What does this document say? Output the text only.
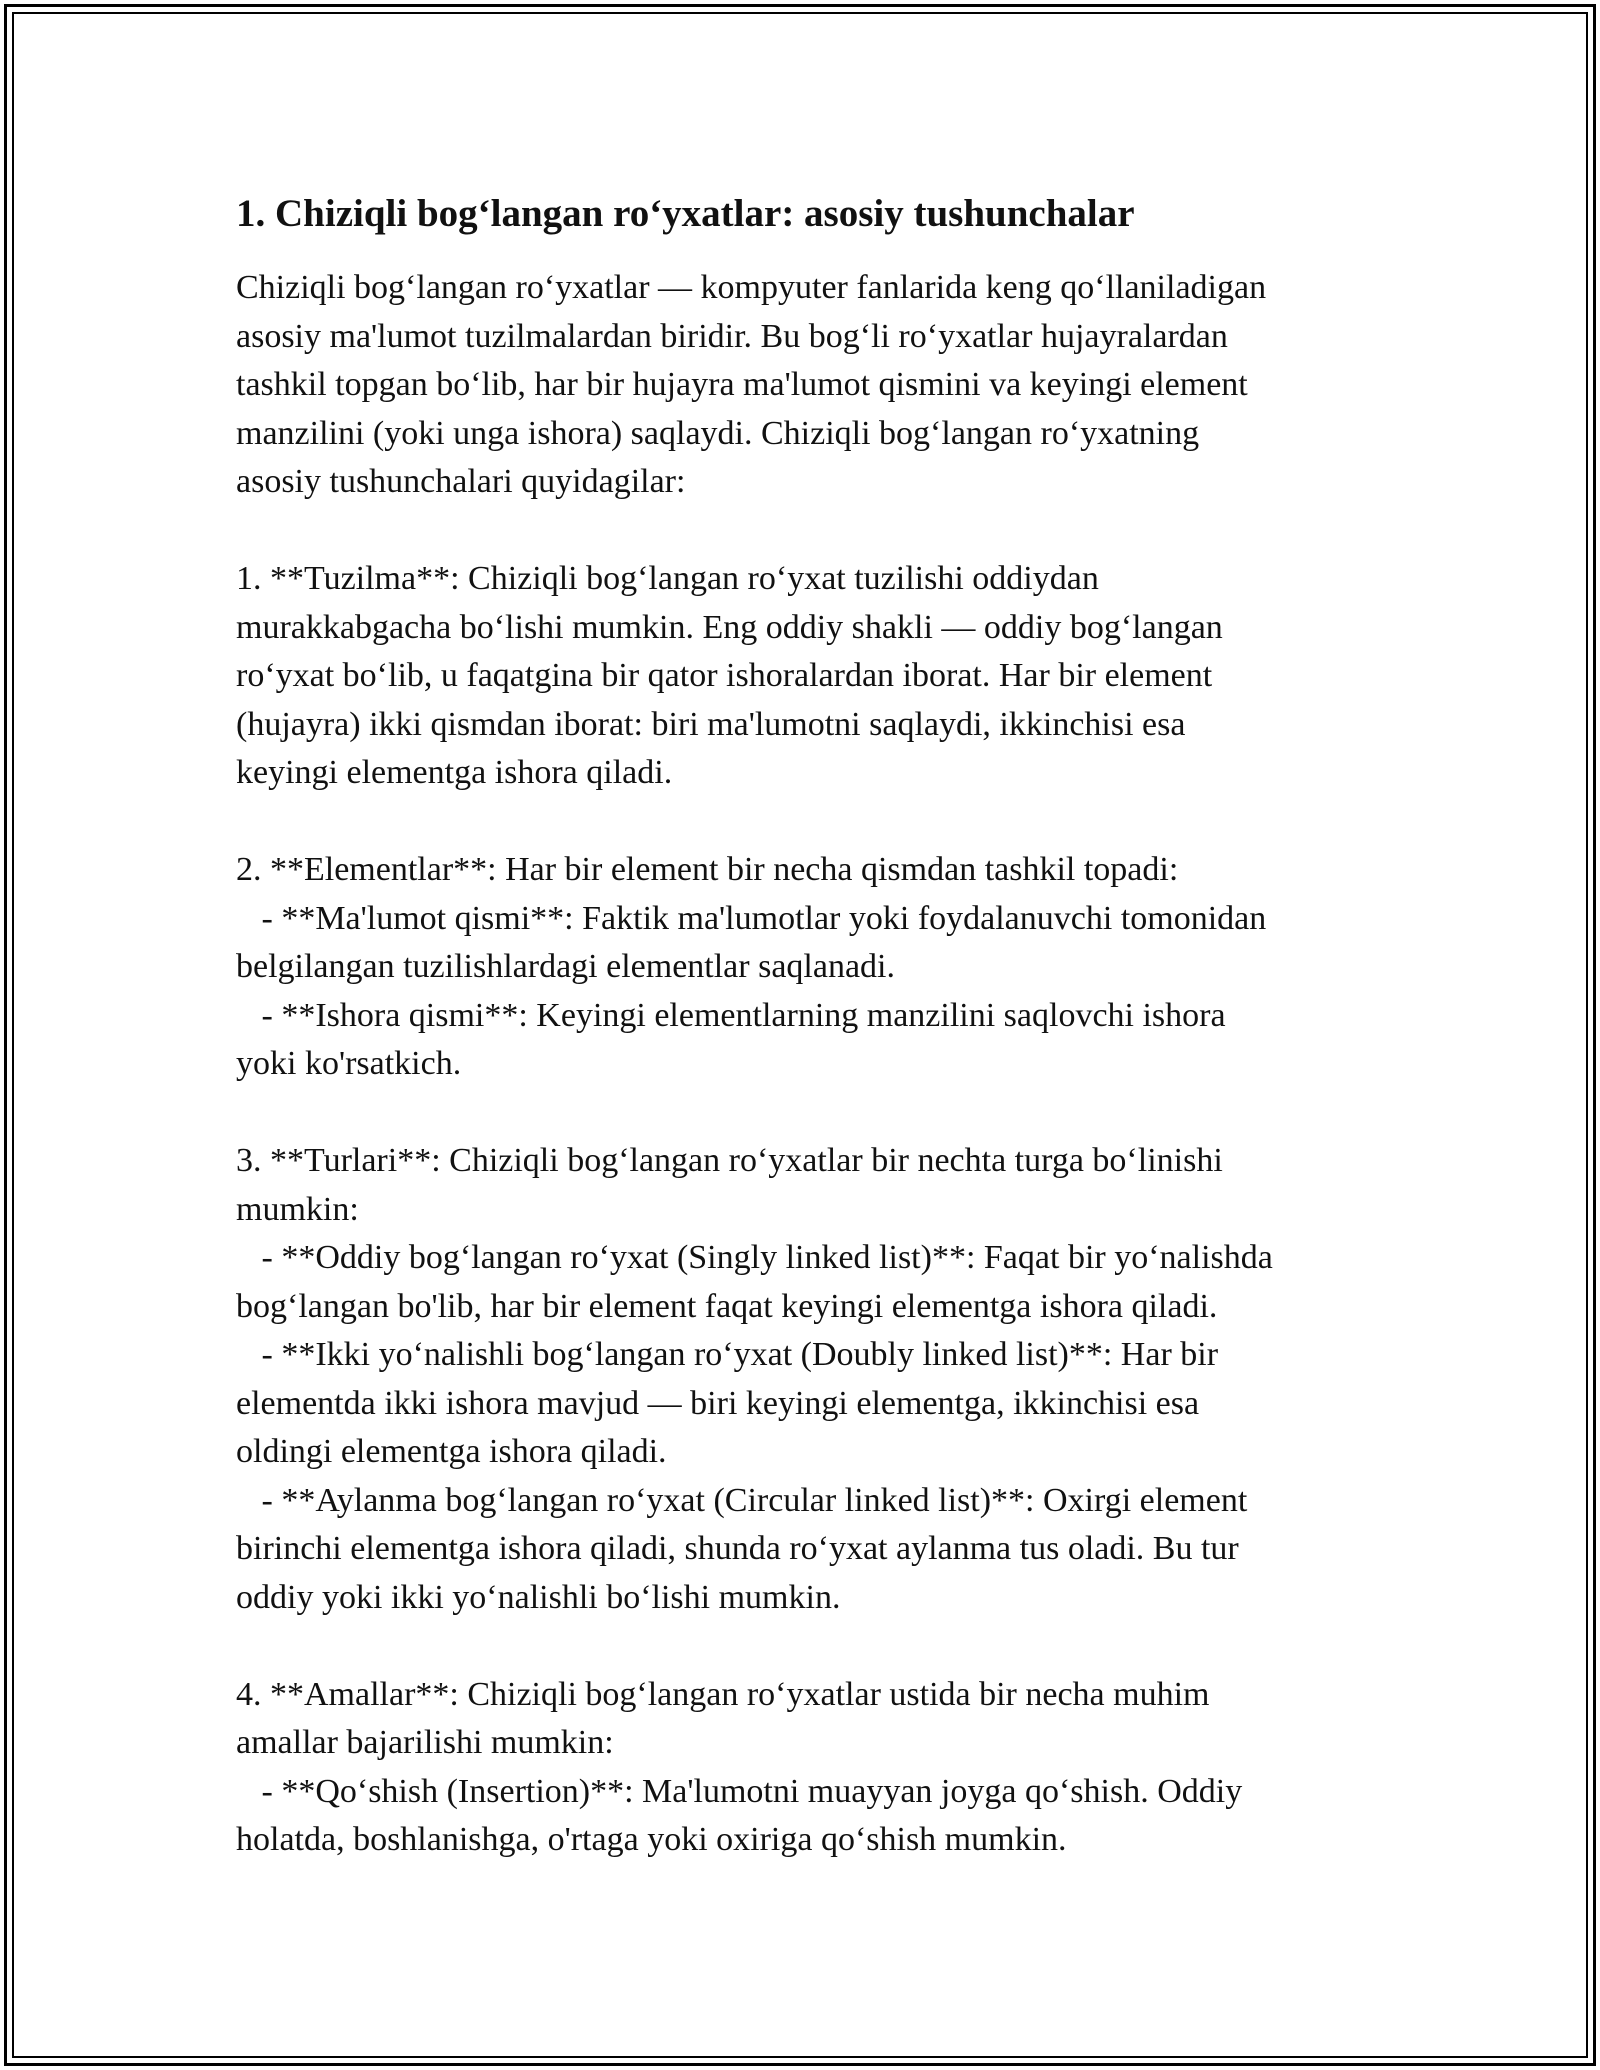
1. Chiziqli bog‘langan ro‘yxatlar: asosiy tushunchalar
Chiziqli bog‘langan ro‘yxatlar — kompyuter fanlarida keng qo‘llaniladigan
asosiy ma'lumot tuzilmalardan biridir. Bu bog‘li ro‘yxatlar hujayralardan
tashkil topgan bo‘lib, har bir hujayra ma'lumot qismini va keyingi element
manzilini (yoki unga ishora) saqlaydi. Chiziqli bog‘langan ro‘yxatning
asosiy tushunchalari quyidagilar:
1. **Tuzilma**: Chiziqli bog‘langan ro‘yxat tuzilishi oddiydan
murakkabgacha bo‘lishi mumkin. Eng oddiy shakli — oddiy bog‘langan
ro‘yxat bo‘lib, u faqatgina bir qator ishoralardan iborat. Har bir element
(hujayra) ikki qismdan iborat: biri ma'lumotni saqlaydi, ikkinchisi esa
keyingi elementga ishora qiladi.
2. **Elementlar**: Har bir element bir necha qismdan tashkil topadi:
- **Ma'lumot qismi**: Faktik ma'lumotlar yoki foydalanuvchi tomonidan
belgilangan tuzilishlardagi elementlar saqlanadi.
- **Ishora qismi**: Keyingi elementlarning manzilini saqlovchi ishora
yoki ko'rsatkich.
3. **Turlari**: Chiziqli bog‘langan ro‘yxatlar bir nechta turga bo‘linishi
mumkin:
- **Oddiy bog‘langan ro‘yxat (Singly linked list)**: Faqat bir yo‘nalishda
bog‘langan bo'lib, har bir element faqat keyingi elementga ishora qiladi.
- **Ikki yo‘nalishli bog‘langan ro‘yxat (Doubly linked list)**: Har bir
elementda ikki ishora mavjud — biri keyingi elementga, ikkinchisi esa
oldingi elementga ishora qiladi.
- **Aylanma bog‘langan ro‘yxat (Circular linked list)**: Oxirgi element
birinchi elementga ishora qiladi, shunda ro‘yxat aylanma tus oladi. Bu tur
oddiy yoki ikki yo‘nalishli bo‘lishi mumkin.
4. **Amallar**: Chiziqli bog‘langan ro‘yxatlar ustida bir necha muhim
amallar bajarilishi mumkin:
- **Qo‘shish (Insertion)**: Ma'lumotni muayyan joyga qo‘shish. Oddiy
holatda, boshlanishga, o'rtaga yoki oxiriga qo‘shish mumkin.
